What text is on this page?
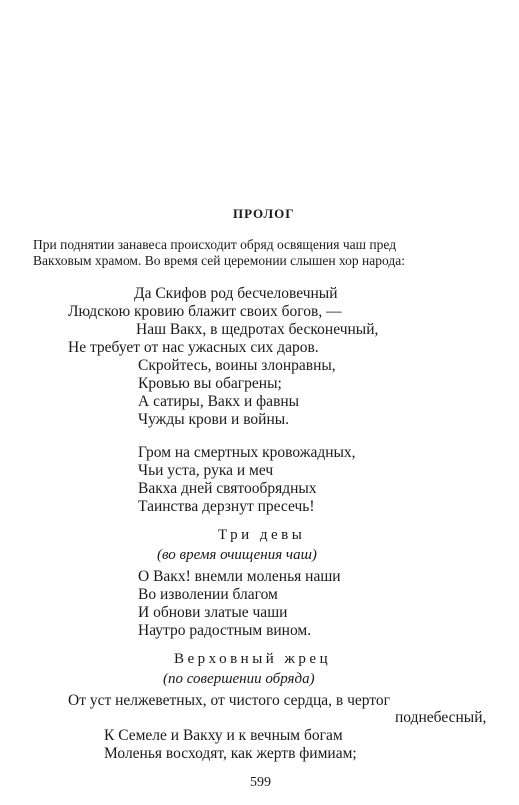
ПРОЛОГ
При поднятии занавеса происходит обряд освящения чаш пред
Вакховым храмом. Во время сей церемонии слышен хор народа:
Да Скифов род бесчеловечный
Людскою кровию блажит своих богов, —
Наш Вакх, в щедротах бесконечный,
Не требует от нас ужасных сих даров.
Скройтесь, воины злонравны,
Кровью вы обагрены;
А сатиры, Вакх и фавны
Чужды крови и войны.
Гром на смертных кровожадных,
Чьи уста, рука и меч
Вакха дней святообрядных
Таинства дерзнут пресечь!
Три девы
(во время очищения чаш)
О Вакх! внемли моленья наши
Во изволении благом
И обнови златые чаши
Наутро радостным вином.
Верховный жрец
(по совершении обряда)
От уст нелжеветных, от чистого сердца, в чертог
поднебесный,
К Семеле и Вакху и к вечным богам
Моленья восходят, как жертв фимиам;
599
